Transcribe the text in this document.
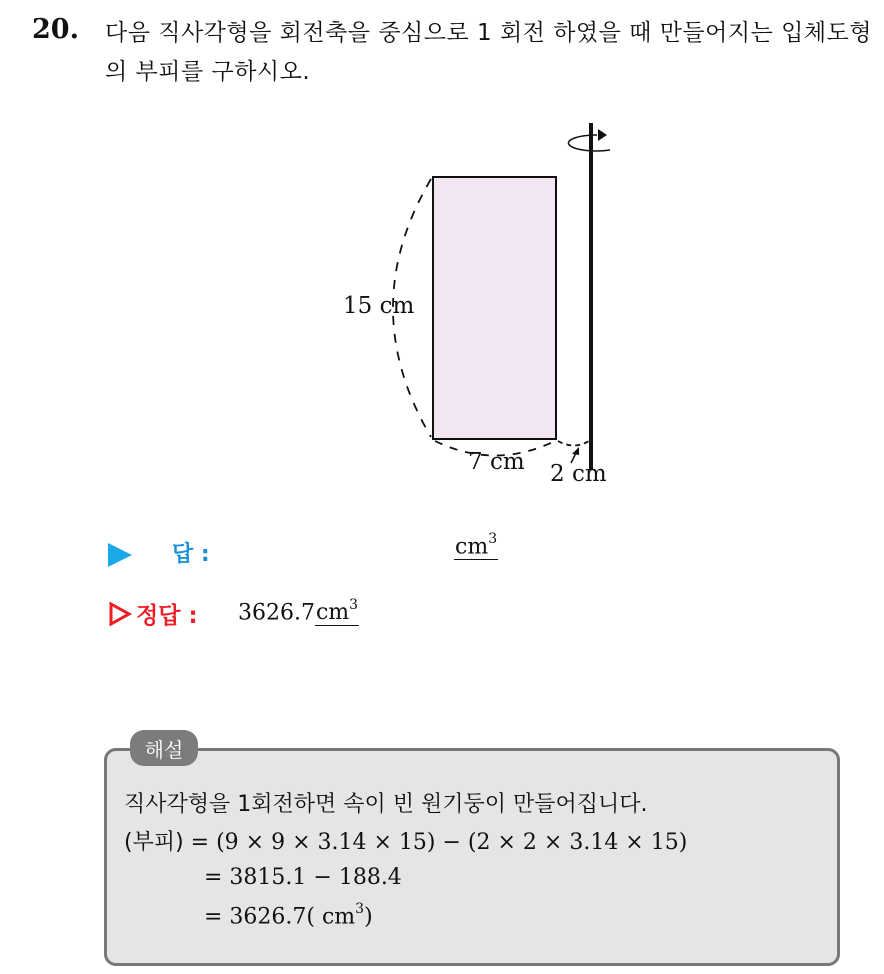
20. 다음 직사각형을 회전축을 중심으로 1 회전 하였을 때 만들어지는 입체도형의 부피를 구하시오.
15 cm
7 cm 2 cm
답 :	$cm^3$
정답 : $3626.7cm^3$
해설
직사각형을 1회전하면 속이 빈 원기둥이 만들어집니다.
(부피) = (9 × 9 × 3.14 × 15) − (2 × 2 × 3.14 × 15)
= 3815.1 − 188.4
= 3626.7( $cm^3$)
